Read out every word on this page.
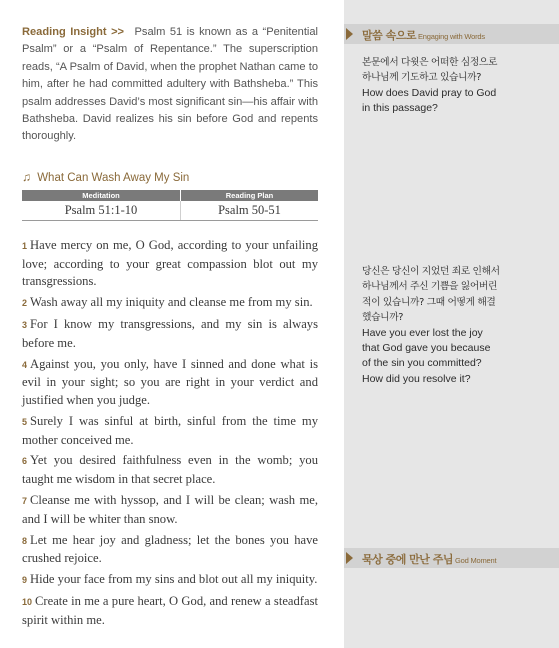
Reading Insight >> Psalm 51 is known as a “Penitential Psalm” or a “Psalm of Repentance.” The superscription reads, “A Psalm of David, when the prophet Nathan came to him, after he had committed adultery with Bathsheba.” This psalm addresses David’s most significant sin—his affair with Bathsheba. David realizes his sin before God and repents thoroughly.
♫ What Can Wash Away My Sin
Meditation	Reading Plan
Psalm 51:1-10	Psalm 50-51

1 Have mercy on me, O God, according to your unfailing love; according to your great compassion blot out my transgressions.

2 Wash away all my iniquity and cleanse me from my sin.

3 For I know my transgressions, and my sin is always before me.

4 Against you, you only, have I sinned and done what is evil in your sight; so you are right in your verdict and justified when you judge.

5 Surely I was sinful at birth, sinful from the time my mother conceived me.

6 Yet you desired faithfulness even in the womb; you taught me wisdom in that secret place.

7 Cleanse me with hyssop, and I will be clean; wash me, and I will be whiter than snow.

8 Let me hear joy and gladness; let the bones you have crushed rejoice.

9 Hide your face from my sins and blot out all my iniquity.

10 Create in me a pure heart, O God, and renew a steadfast spirit within me.

말씀 속으로 Engaging with Words
본문에서 다윗은 어떠한 심정으로 하나님께 기도하고 있습니까?
How does David pray to God in this passage?
당신은 당신이 지었던 죄로 인해서 하나님께서 주신 기쁨을 잃어버린 적이 있습니까? 그때 어떻게 해결했습니까?
Have you ever lost the joy that God gave you because of the sin you committed? How did you resolve it?
묵상 중에 만난 주님 God Moment
